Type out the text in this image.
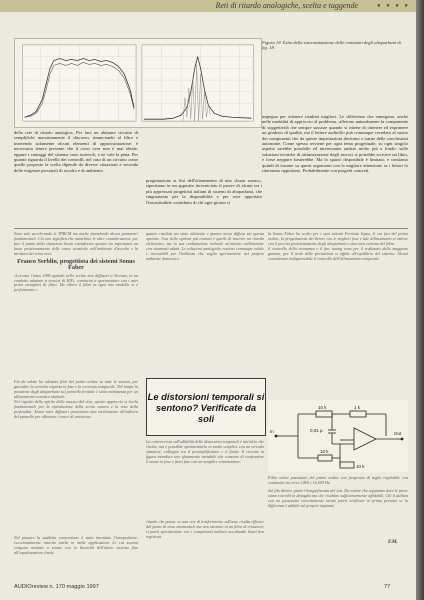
Reti di ritardo analogiche, scelta e taggende	● ● ● ●
Figura 19. Esito della sincronizzazione delle emissioni degli altoparlanti di fig. 18.
della rete di ritardo analogica. Per fare un abituare circuito di semplifichi massimamente il discorso, rinunciando al filtro e inserendo solamente alcuni elementi di approssimazione: è necessario tenere presente che il cross over non è mai ideale, eppure i vantaggi del sistema sono notevoli, e ne vale la pena. Per quanto riguarda il livello dei controlli, nel caso di un circuito come quello proposto la scelta dipende da diverse situazioni a seconda delle esigenze personali di ascolto e di ambiente.
progettazione ai fini dell'ottenimento di una «buon suono», riportiamo in un apposito incorniciato il parere di alcuni tra i più apprezzati progettisti italiani di sistemi di altoparlanti, che ringraziamo per la disponibilità e per aver apportato l'insostituibile contributo di chi ogni giorno si
impegna per ottenere risultati migliori. Le differenze che emergono, anche nelle modalità di approccio al problema, rifletono naturalmente la componente di soggettività che sempre sussiste quando si ritiene di ottenere ed esprimere un giudizio di qualità, ma il lettore audiofilo può comunque correlare al suono dei componenti che da queste impostazioni derivano e trarne delle conclusioni autonome. Come spesso avviene per ogni tema progettuale, su ogni singolo aspetto sarebbe possibile ed interessante andare molto più a fondo: sulle soluzioni tecniche di ottimizzazione degli incroci si potrebbe scrivere un libro, e forse neppure basterebbe. Ma lo spazio disponibile è limitato, e contiamo quindi di tornare su questi argomenti con la migliore attenzione se i lettori lo riterranno opportuno. Probabilmente con progetti concreti.

Sono solo accelerando le TPRCM ma anche intendendo alcuni parametri fondamentali. Ciò non significa che manchino le altre considerazioni: per fare il punto della situazione basta considerare quanto sia importante un buon posizionamento delle casse acustiche nell'ambiente d'ascolto e la taratura del cross over.

Franco Serblin, progettista dei sistemi Sonus Faber

«Lorenzo l'anno 1980 quando nello scritto mio diffusori a Vicenza, in un condotto adattato a tecnica di HiFi, cominciai a sperimentare con i miei primi esemplari di filtro. Da allora il filtro in ogni mio modello si è perfezionato.»

Fin da subito ho adottato filtri del primo ordine su tutte le sezioni, per garantire la corretta risposta in fase e la coerenza temporale. Nel tempo la posizione degli altoparlanti sul pannello frontale è stata ottimizzata per un allineamento acustico ottimale.

Nel rispetto dello spirito della musica dal vivo, questo approccio si rivela fondamentale per la riproduzione della scena sonora e la resa della profondità. Alcuni miei diffusori presentano una inclinazione all'indietro del pannello per allineare i centri di emissione.

Nel passare la suddetta convenzione è stato inventato l'interpolatore, eccezionalmente inserito anche in molte applicazioni. Le cui sezioni vengono montate a tempo con la linearità dell'intero sistema fino all'equalizzazione finale.
quanto risultati sia stato utilizzato e quanto meno diffusa sia questa opzione. Una delle opzioni più comuni è quella di inserire un ritardo elettronico, ma la sua realizzazione richiede un'attenta calibrazione con strumenti adatti. Le soluzioni analogiche restano comunque valide e accessibili per l'hobbista che voglia sperimentare nel proprio ambiente domestico.
Le distorsioni temporali si sentono? Verificate da soli
La controversia sull'udibilità delle distorsioni temporali è tutt'altro che risolta, ma è possibile sperimentarla in modo semplice con un circuito sfasatore, collegato tra il preamplificatore e il finale. Il circuito in figura introduce uno sfasamento variabile che consente di confrontare il suono in fase e fuori fase con un semplice commutatore.
ritardo che passa: se una rete di trasferimento sull'asse risulta efficace dal punto di vista strumentale ma non ottenuto in un filtro di crossover, si potrà sperimentare con i componenti indicati ascoltando brani ben registrati.

la Sonus Faber ha scelto per i suoi sistemi Fermata legno, le cui fasi del primo ordine, la progettazione dei driver con le migliori fase e tale allineamento si ottiene con il preciso posizionamento degli altoparlanti e una cura estrema del filtro.

il controllo della risonanza e il fine tuning sono per il realizzato dalla maggiore gamma, per il resto delle prestazioni si affida all'equilibrio del sistema. Alcuni considerano indispensabile il controllo dell'allineamento temporale.

In	Out
10 k	1 k
0,01 µ
10 k
10 k

Filtro attivo passatutto del primo ordine con frequenza di taglio regolabile con continuità tra circa 1400 e 16.000 Hz.

dal filo diretto, piano l'insignificanza del test. Da notare che sappiamo dove le prove siano raccolti in dettaglio ma che risultino sufficientemente affidabili. Chi li utilizza con un passatutto correttamente tarato potrà verificare in prima persona se la differenza è udibile sul proprio impianto.

F.M.
AUDIOreview n. 170 maggio 1997	77
